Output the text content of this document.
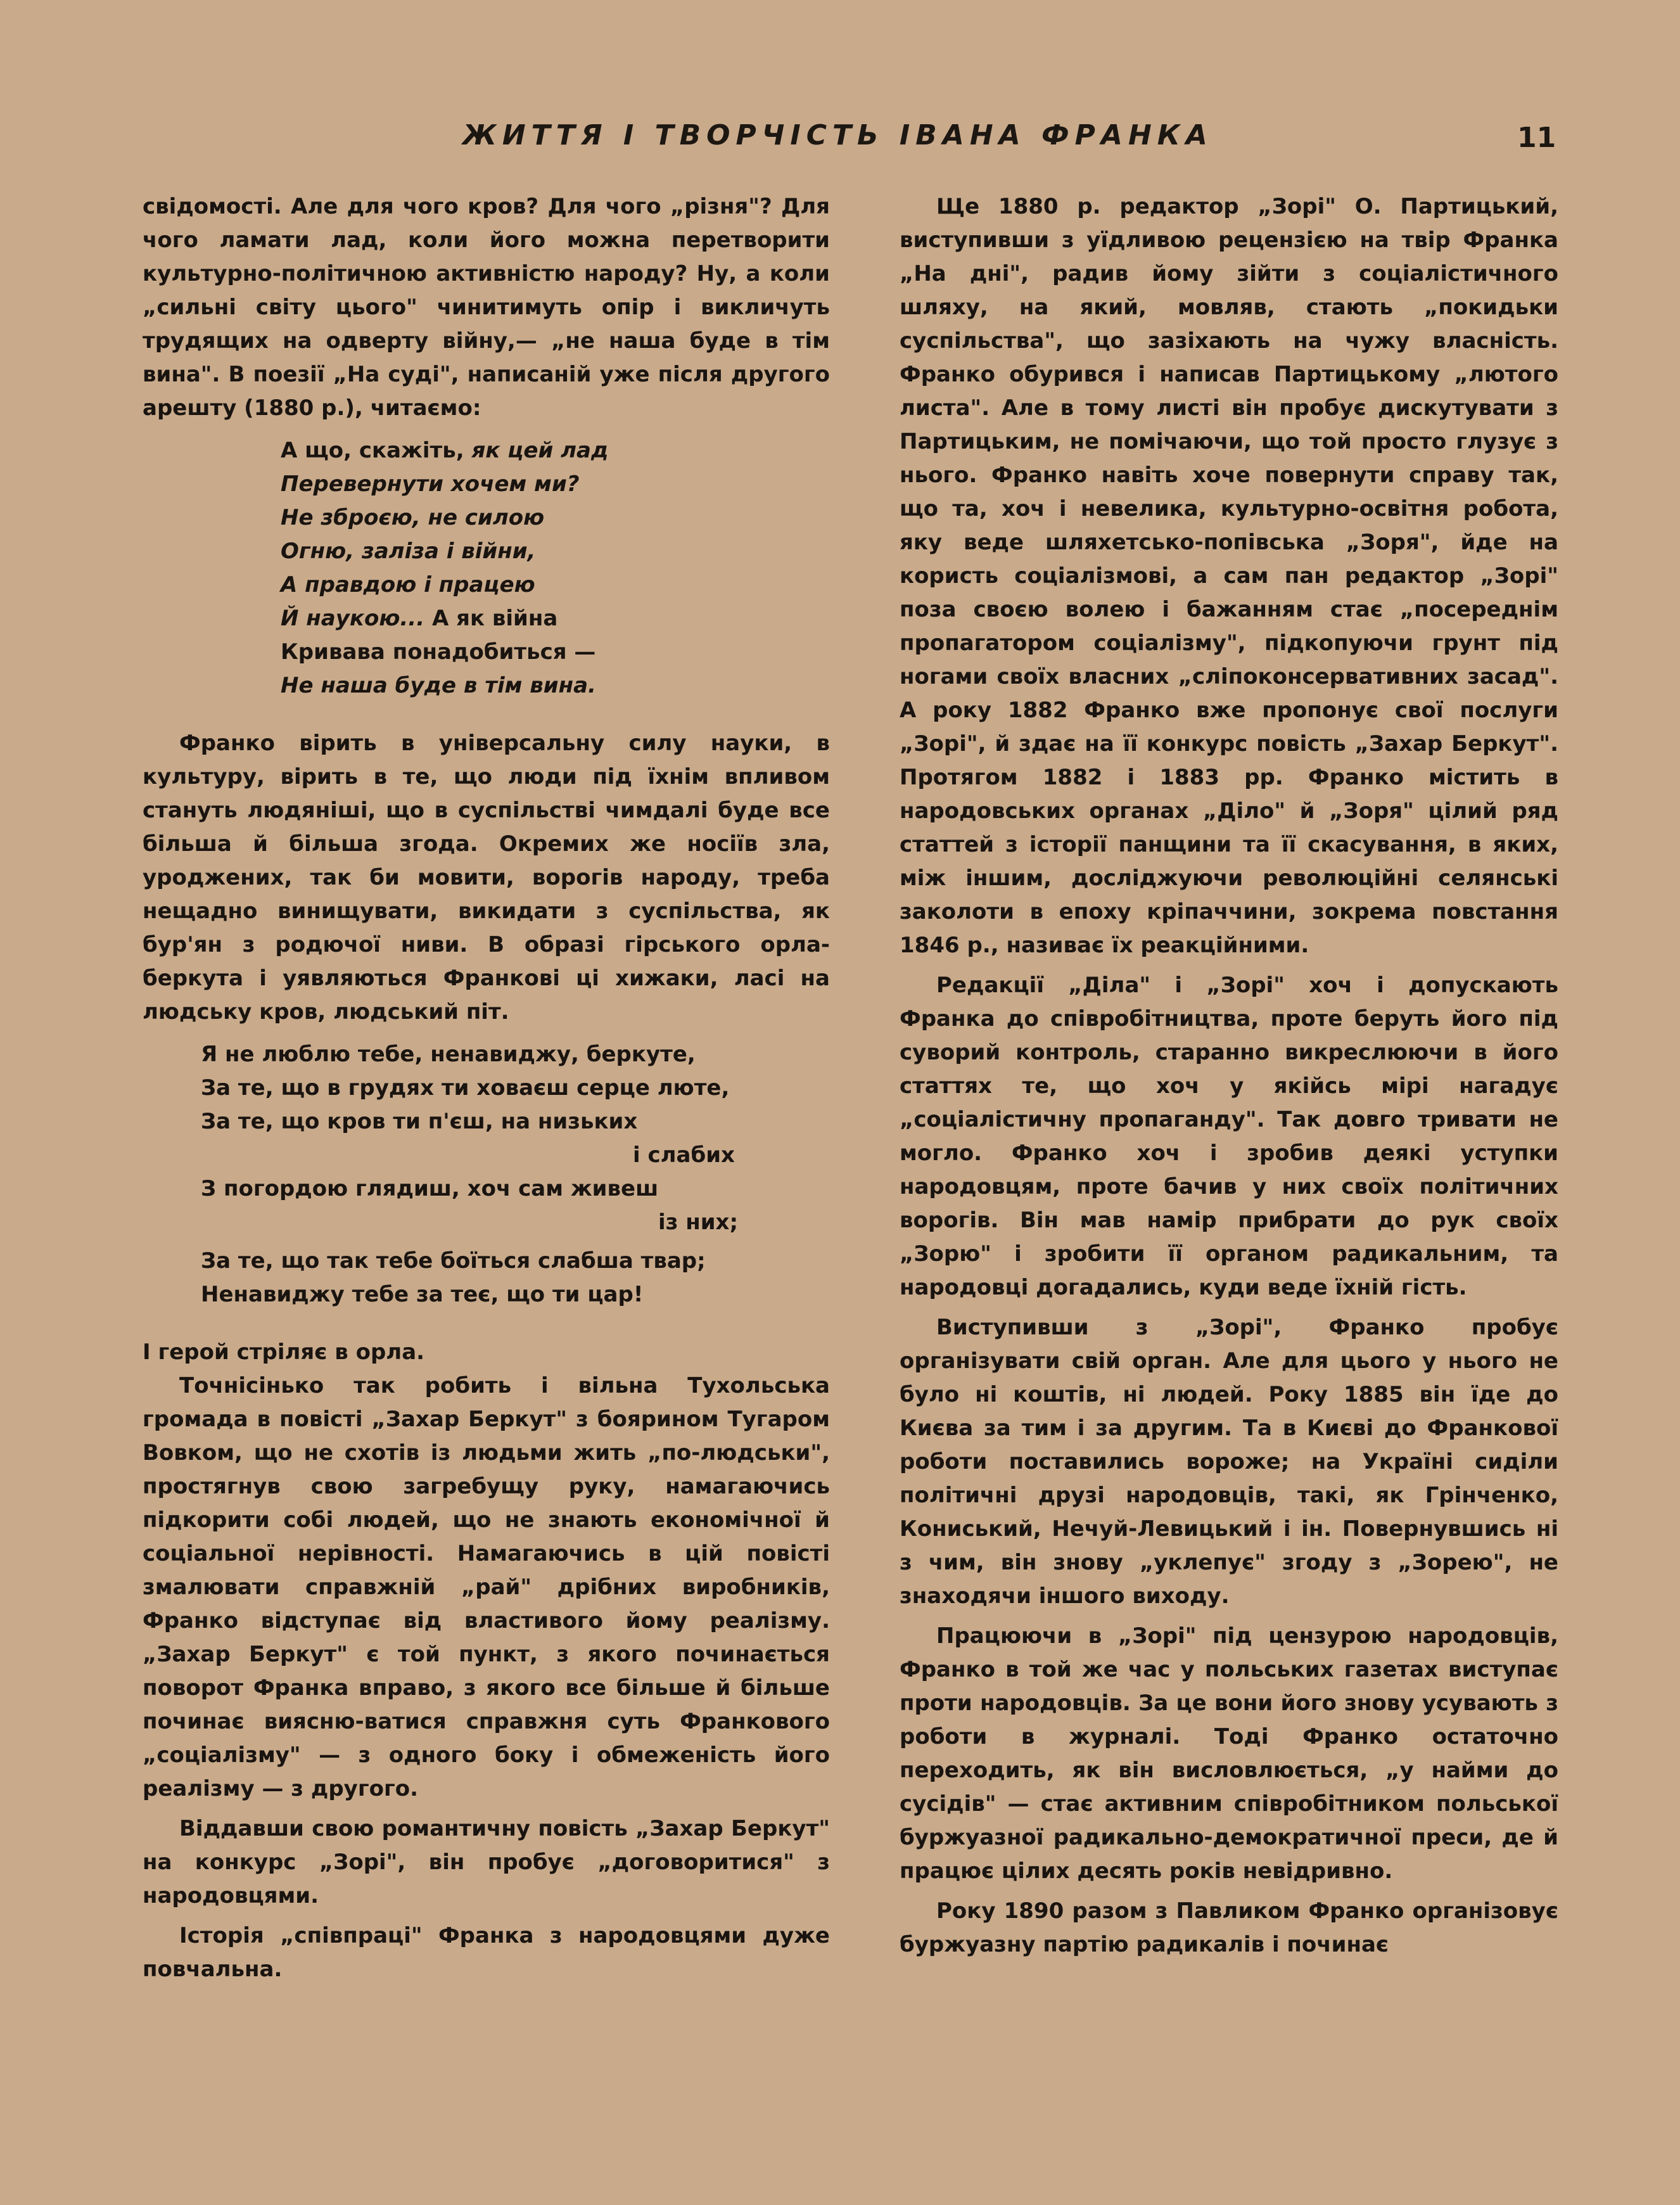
ЖИТТЯ І ТВОРЧІСТЬ ІВАНА ФРАНКА	11

свідомості. Але для чого кров? Для чого „різня"? Для чого ламати лад, коли його можна перетворити культурно-політичною активністю народу? Ну, а коли „сильні світу цього" чинитимуть опір і викличуть трудящих на одверту війну,— „не наша буде в тім вина". В поезії „На суді", написаній уже після другого арешту (1880 р.), читаємо:

А що, скажіть, як цей лад
Перевернути хочем ми?
Не зброєю, не силою
Огню, заліза і війни,
А правдою і працею
Й наукою... А як війна
Кривава понадобиться —
Не наша буде в тім вина.

Франко вірить в універсальну силу науки, в культуру, вірить в те, що люди під їхнім впливом стануть людяніші, що в суспільстві чимдалі буде все більша й більша згода. Окремих же носіїв зла, уроджених, так би мовити, ворогів народу, треба нещадно винищувати, викидати з суспільства, як бур'ян з родючої ниви. В образі гірського орла-беркута і уявляються Франкові ці хижаки, ласі на людську кров, людський піт.

Я не люблю тебе, ненавиджу, беркуте,
За те, що в грудях ти ховаєш серце люте,
За те, що кров ти п'єш, на низьких
і слабих
З погордою глядиш, хоч сам живеш
із них;
За те, що так тебе боїться слабша твар;
Ненавиджу тебе за теє, що ти цар!

І герой стріляє в орла.

Точнісінько так робить і вільна Тухольська громада в повісті „Захар Беркут" з боярином Тугаром Вовком, що не схотів із людьми жить „по-людськи", простягнув свою загребущу руку, намагаючись підкорити собі людей, що не знають економічної й соціальної нерівності. Намагаючись в цій повісті змалювати справжній „рай" дрібних виробників, Франко відступає від властивого йому реалізму. „Захар Беркут" є той пункт, з якого починається поворот Франка вправо, з якого все більше й більше починає виясню-ватися справжня суть Франкового „соціалізму" — з одного боку і обмеженість його реалізму — з другого.

Віддавши свою романтичну повість „Захар Беркут" на конкурс „Зорі", він пробує „договоритися" з народовцями.

Історія „співпраці" Франка з народовцями дуже повчальна.

Ще 1880 р. редактор „Зорі" О. Партицький, виступивши з уїдливою рецензією на твір Франка „На дні", радив йому зійти з соціалістичного шляху, на який, мовляв, стають „покидьки суспільства", що зазіхають на чужу власність. Франко обурився і написав Партицькому „лютого листа". Але в тому листі він пробує дискутувати з Партицьким, не помічаючи, що той просто глузує з нього. Франко навіть хоче повернути справу так, що та, хоч і невелика, культурно-освітня робота, яку веде шляхетсько-попівська „Зоря", йде на користь соціалізмові, а сам пан редактор „Зорі" поза своєю волею і бажанням стає „посереднім пропагатором соціалізму", підкопуючи грунт під ногами своїх власних „сліпоконсервативних засад". А року 1882 Франко вже пропонує свої послуги „Зорі", й здає на її конкурс повість „Захар Беркут". Протягом 1882 і 1883 рр. Франко містить в народовських органах „Діло" й „Зоря" цілий ряд статтей з історії панщини та її скасування, в яких, між іншим, досліджуючи революційні селянські заколоти в епоху кріпаччини, зокрема повстання 1846 р., називає їх реакційними.

Редакції „Діла" і „Зорі" хоч і допускають Франка до співробітництва, проте беруть його під суворий контроль, старанно викреслюючи в його статтях те, що хоч у якійсь мірі нагадує „соціалістичну пропаганду". Так довго тривати не могло. Франко хоч і зробив деякі уступки народовцям, проте бачив у них своїх політичних ворогів. Він мав намір прибрати до рук своїх „Зорю" і зробити її органом радикальним, та народовці догадались, куди веде їхній гість.

Виступивши з „Зорі", Франко пробує організувати свій орган. Але для цього у нього не було ні коштів, ні людей. Року 1885 він їде до Києва за тим і за другим. Та в Києві до Франкової роботи поставились вороже; на Україні сиділи політичні друзі народовців, такі, як Грінченко, Кониський, Нечуй-Левицький і ін. Повернувшись ні з чим, він знову „уклепує" згоду з „Зорею", не знаходячи іншого виходу.

Працюючи в „Зорі" під цензурою народовців, Франко в той же час у польських газетах виступає проти народовців. За це вони його знову усувають з роботи в журналі. Тоді Франко остаточно переходить, як він висловлюється, „у найми до сусідів" — стає активним співробітником польської буржуазної радикально-демократичної преси, де й працює цілих десять років невідривно.

Року 1890 разом з Павликом Франко організовує буржуазну партію радикалів і починає
